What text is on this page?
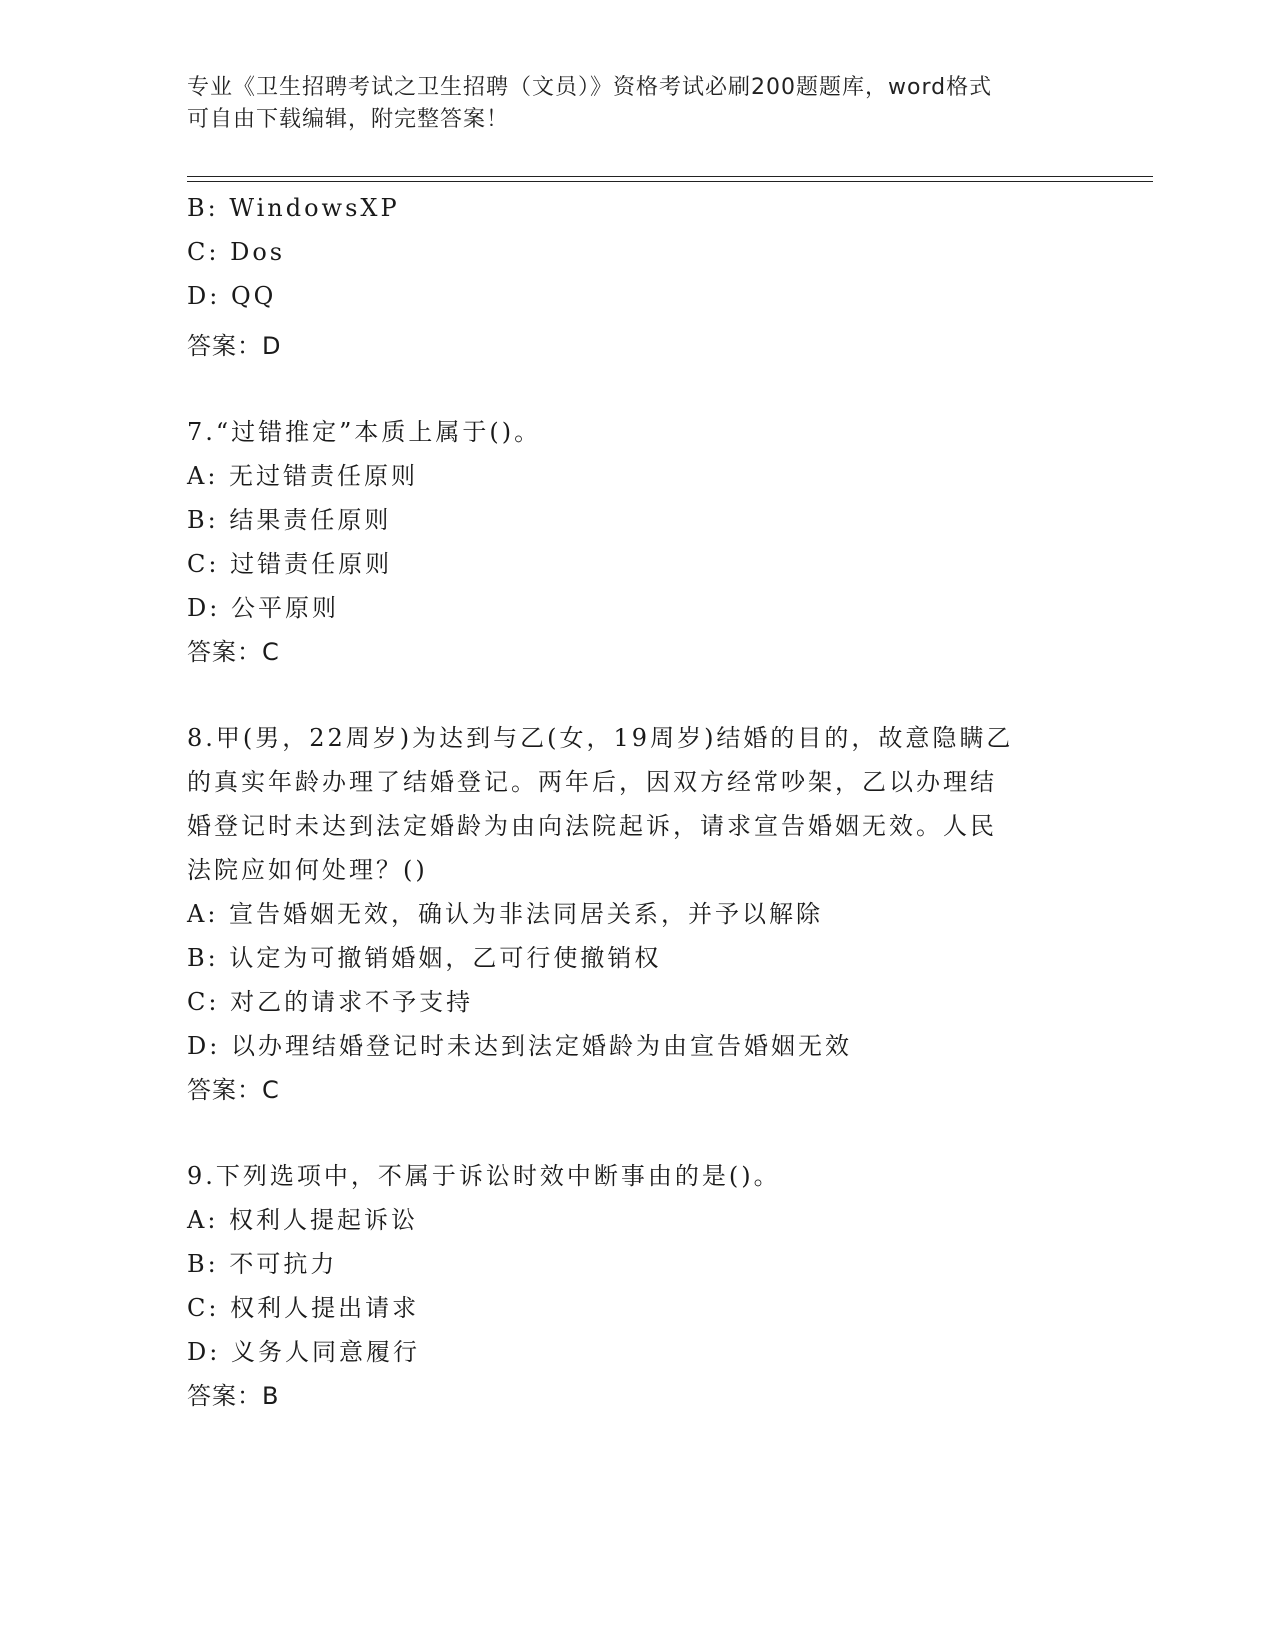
专业《卫生招聘考试之卫生招聘（文员）》资格考试必刷200题题库，word格式
可自由下载编辑，附完整答案！
B: WindowsXP
C: Dos
D: QQ
答案：D
7.“过错推定”本质上属于()。
A: 无过错责任原则
B: 结果责任原则
C: 过错责任原则
D: 公平原则
答案：C
8.甲(男，22周岁)为达到与乙(女，19周岁)结婚的目的，故意隐瞒乙
的真实年龄办理了结婚登记。两年后，因双方经常吵架，乙以办理结
婚登记时未达到法定婚龄为由向法院起诉，请求宣告婚姻无效。人民
法院应如何处理？()
A: 宣告婚姻无效，确认为非法同居关系，并予以解除
B: 认定为可撤销婚姻，乙可行使撤销权
C: 对乙的请求不予支持
D: 以办理结婚登记时未达到法定婚龄为由宣告婚姻无效
答案：C
9.下列选项中，不属于诉讼时效中断事由的是()。
A: 权利人提起诉讼
B: 不可抗力
C: 权利人提出请求
D: 义务人同意履行
答案：B
